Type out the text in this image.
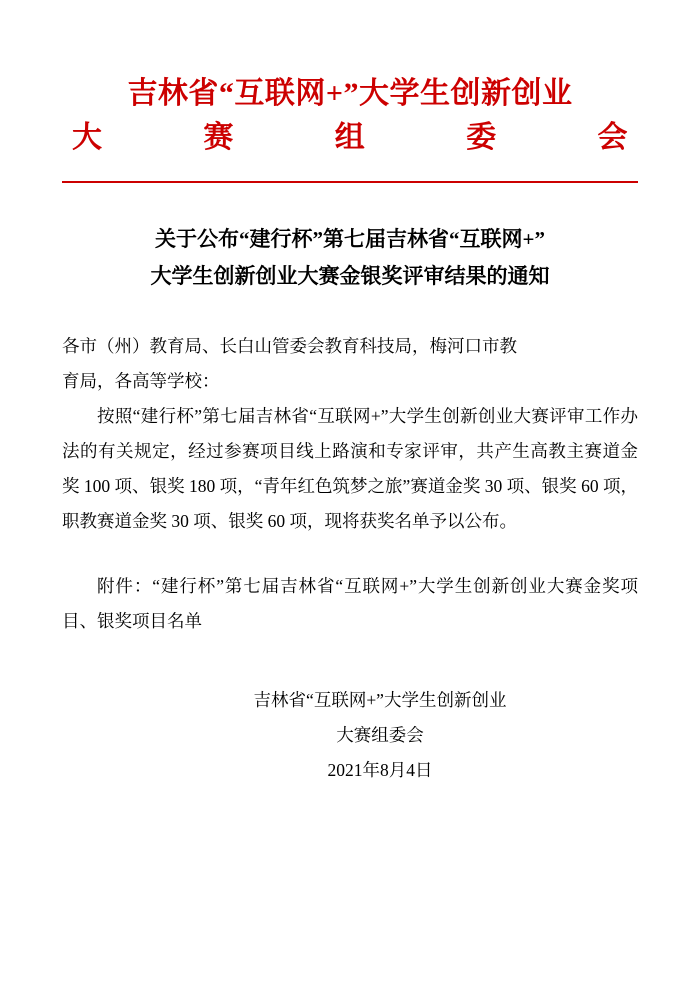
吉林省“互联网+”大学生创新创业
大	赛	组	委	会
关于公布“建行杯”第七届吉林省“互联网+”
大学生创新创业大赛金银奖评审结果的通知

各市（州）教育局、长白山管委会教育科技局，梅河口市教

育局，各高等学校：

按照“建行杯”第七届吉林省“互联网+”大学生创新创业大赛评审工作办法的有关规定，经过参赛项目线上路演和专家评审，共产生高教主赛道金奖 100 项、银奖 180 项，“青年红色筑梦之旅”赛道金奖 30 项、银奖 60 项，职教赛道金奖 30 项、银奖 60 项，现将获奖名单予以公布。

附件：“建行杯”第七届吉林省“互联网+”大学生创新创业大赛金奖项目、银奖项目名单

吉林省“互联网+”大学生创新创业
大赛组委会
2021年8月4日
